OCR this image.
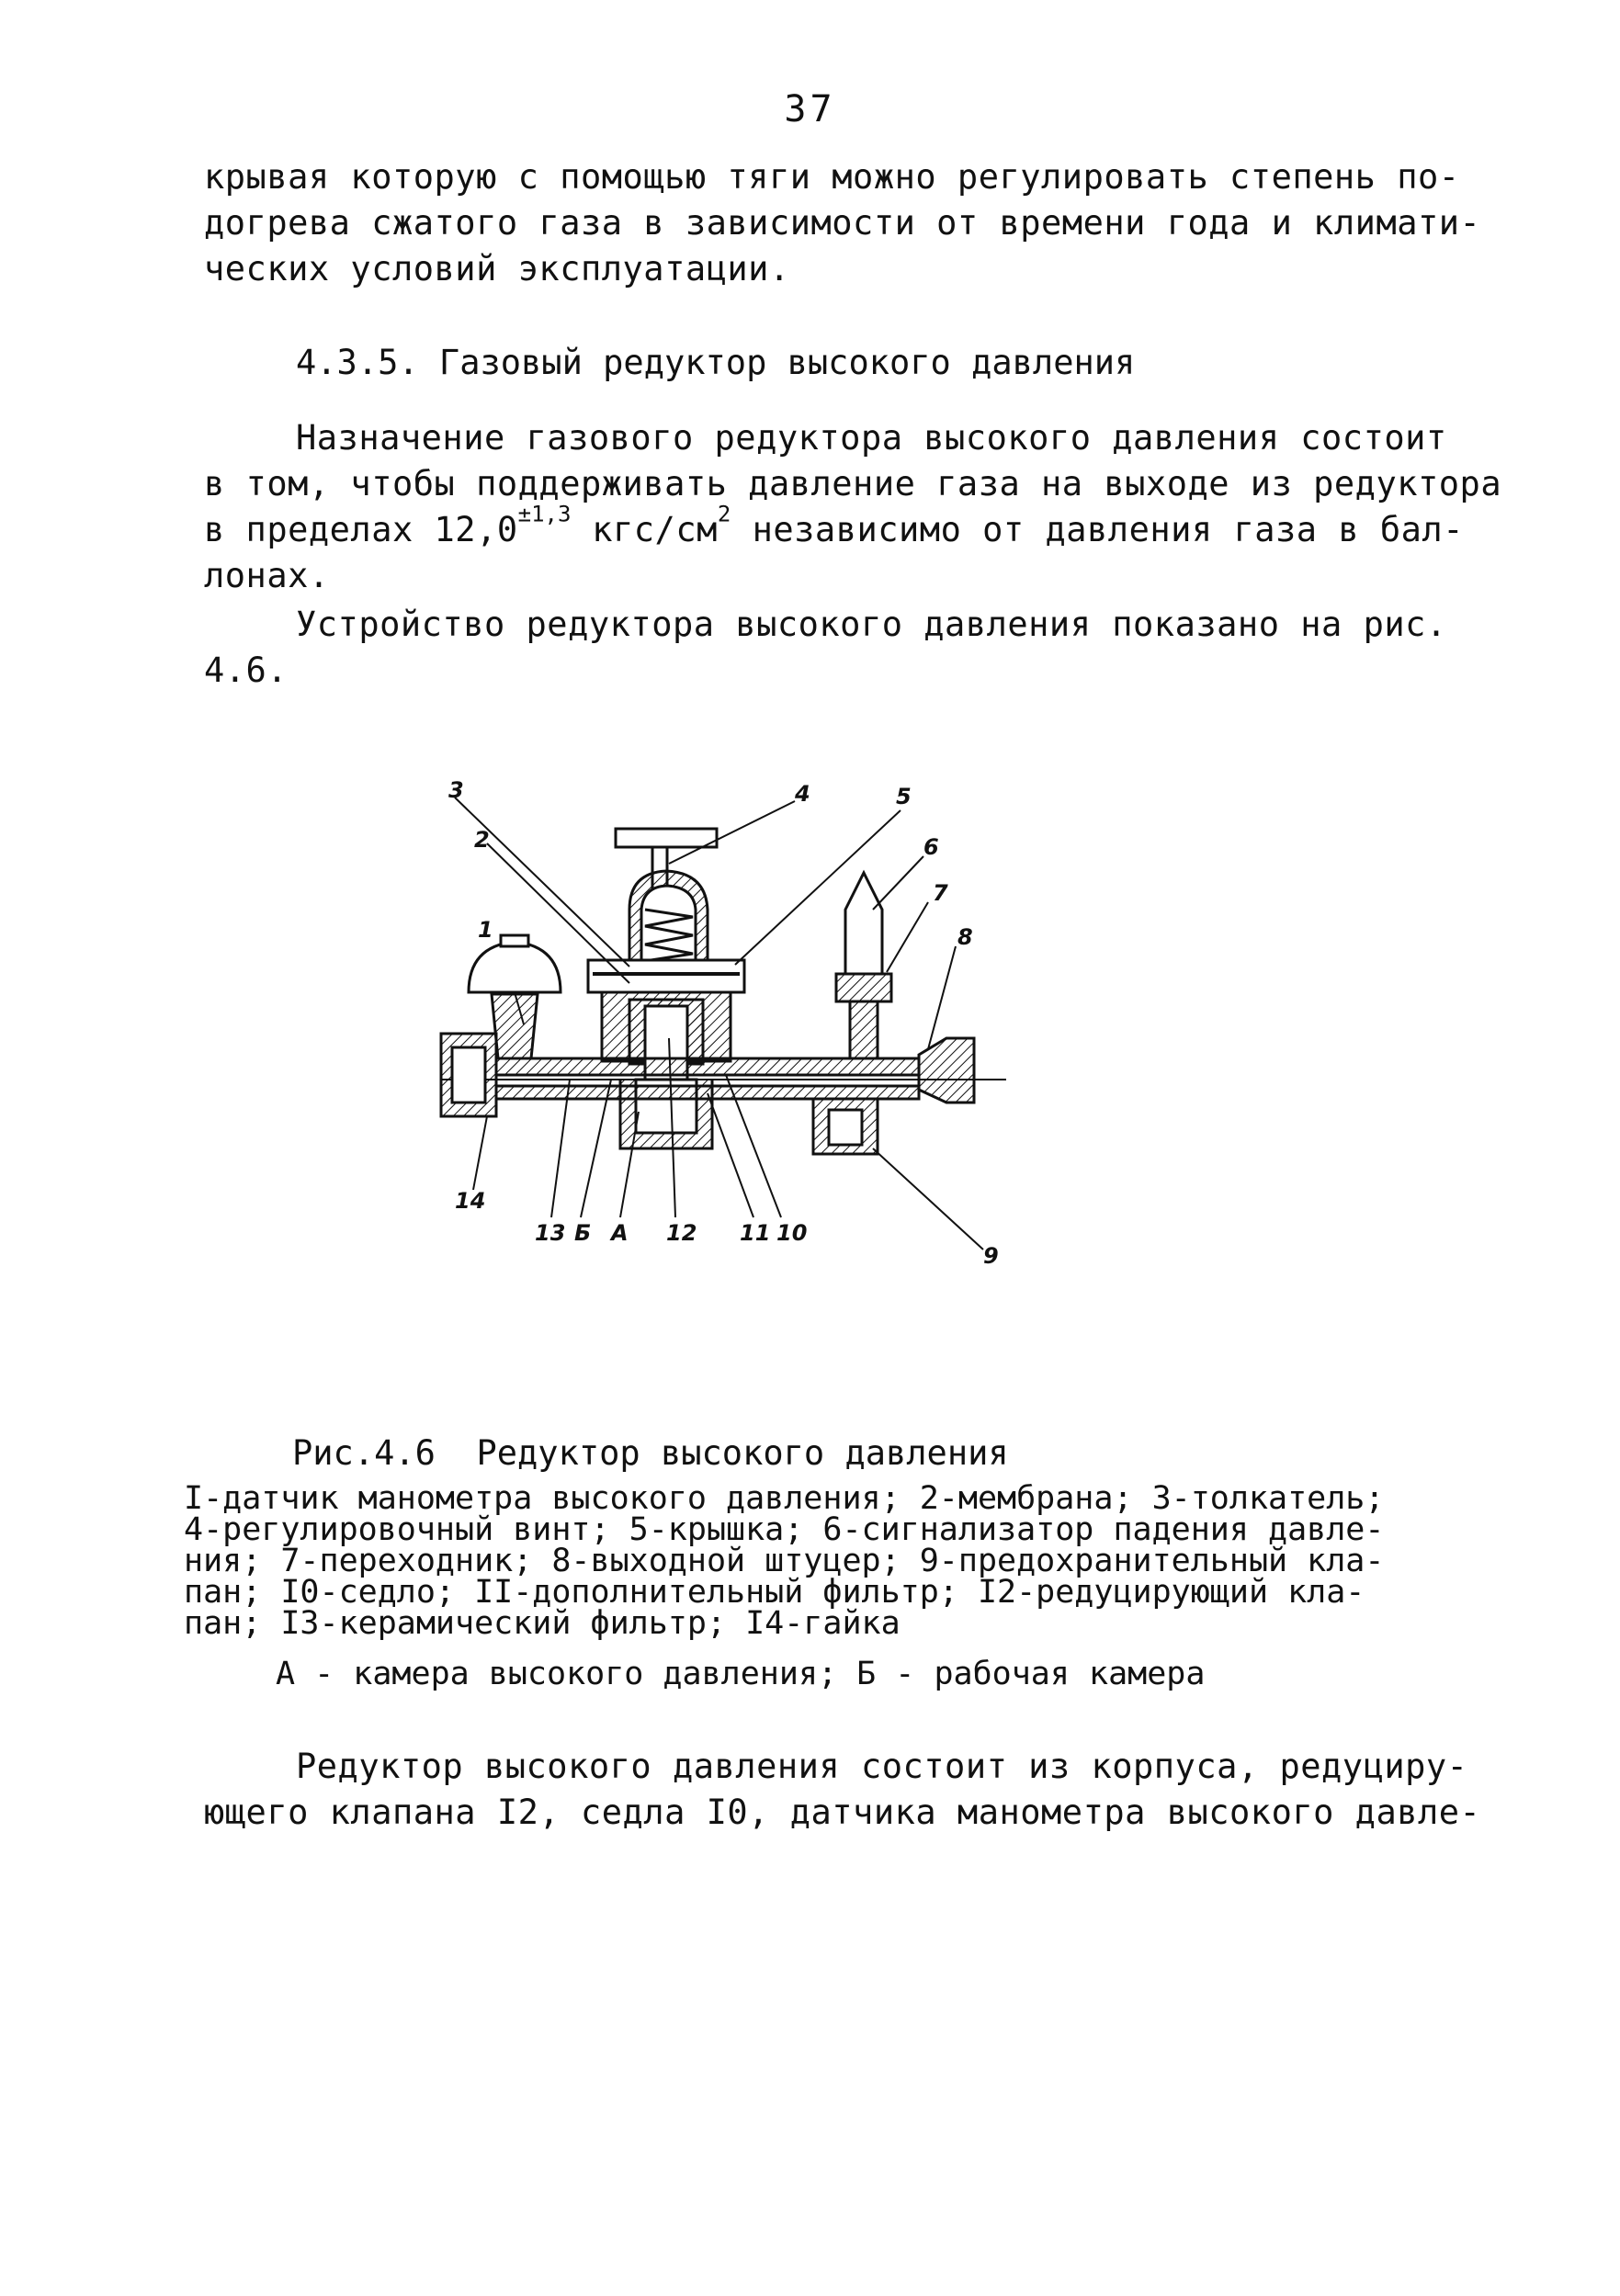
37
крывая которую с помощью тяги можно регулировать степень по-
догрева сжатого газа в зависимости от времени года и климати-
ческих условий эксплуатации.
4.3.5. Газовый редуктор высокого давления
Назначение газового редуктора высокого давления состоит
в том, чтобы поддерживать давление газа на выходе из редуктора
в пределах $12,0^{\pm 1,3}$ кгс/$см^2$ независимо от давления газа в бал-
лонах.
Устройство редуктора высокого давления показано на рис.
4.6.
3
2
1
4	5
6
7
8
9
14
13 Б А 12 11 10
Рис.4.6  Редуктор высокого давления
I-датчик манометра высокого давления; 2-мембрана; 3-толкатель;
4-регулировочный винт; 5-крышка; 6-сигнализатор падения давле-
ния; 7-переходник; 8-выходной штуцер; 9-предохранительный кла-
пан; I0-седло; II-дополнительный фильтр; I2-редуцирующий кла-
пан; I3-керамический фильтр; I4-гайка
А - камера высокого давления; Б - рабочая камера
Редуктор высокого давления состоит из корпуса, редуциру-
ющего клапана I2, седла I0, датчика манометра высокого давле-
